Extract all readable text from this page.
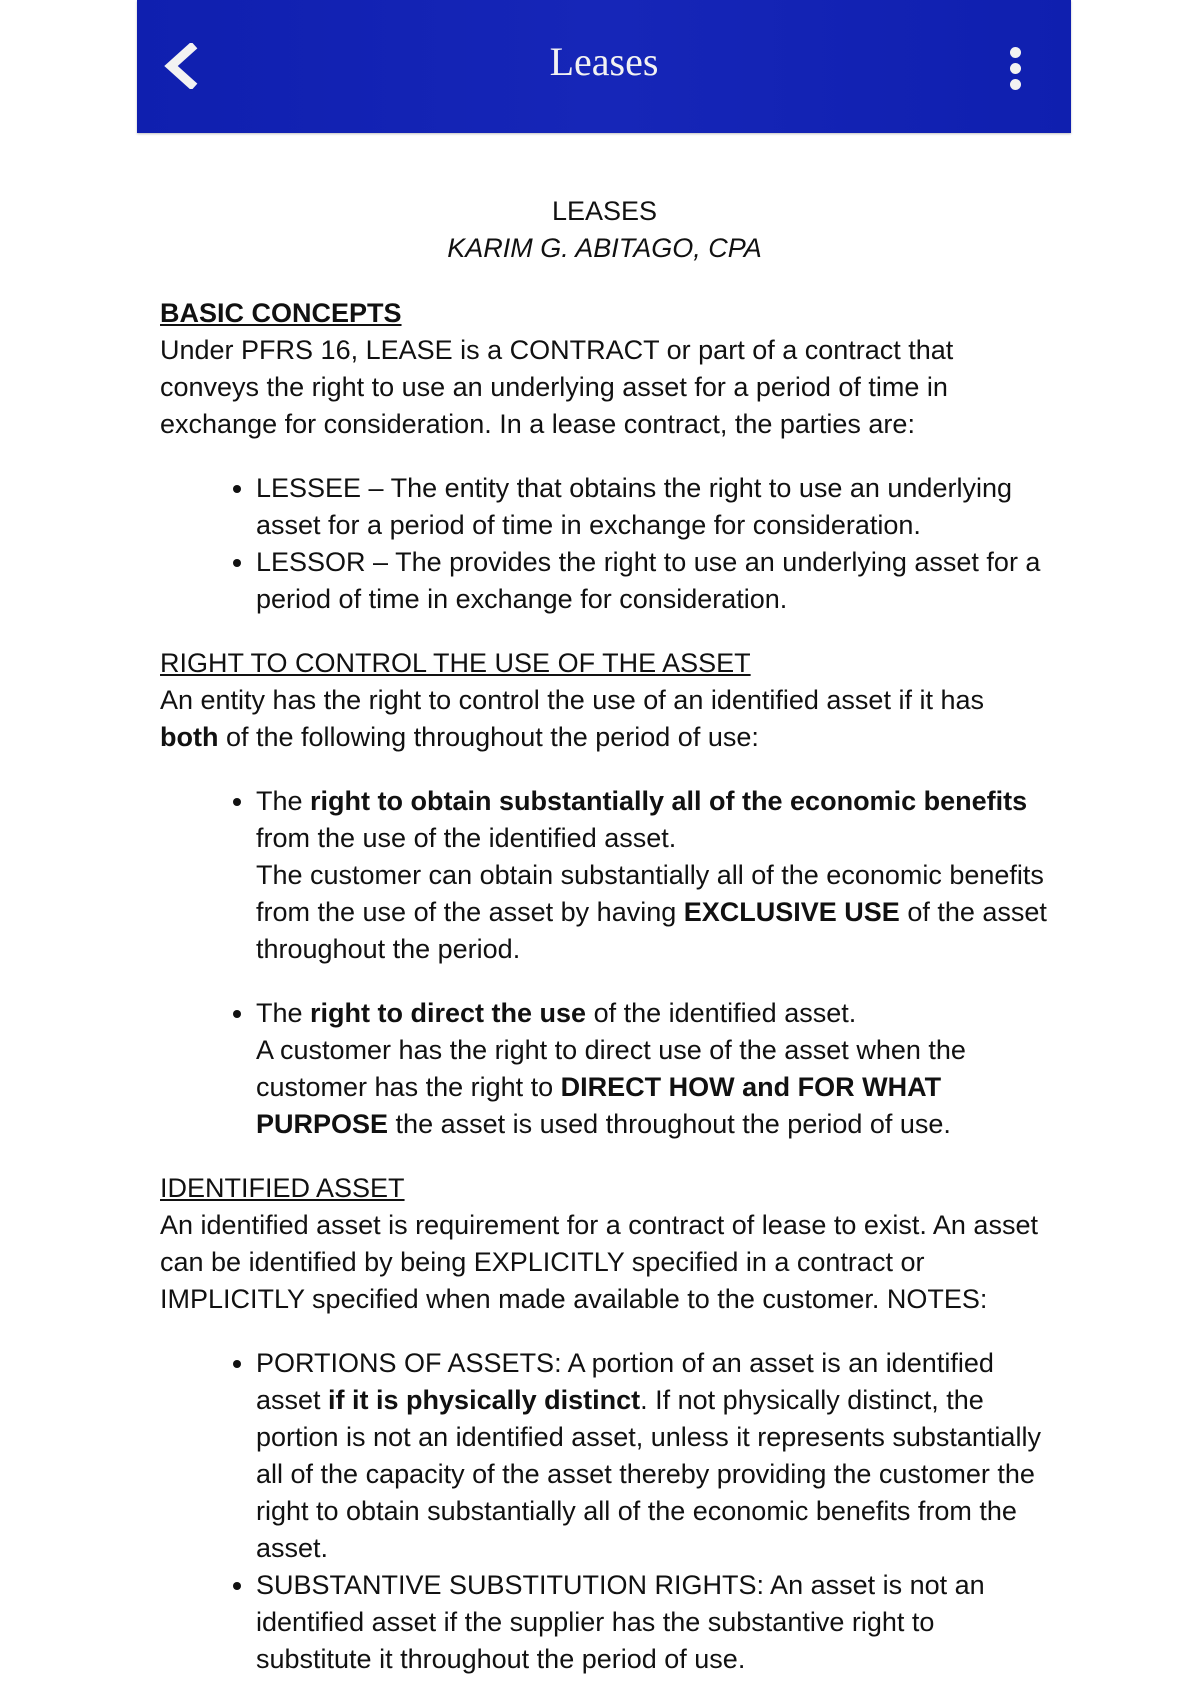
Leases

LEASES

KARIM G. ABITAGO, CPA

BASIC CONCEPTS

Under PFRS 16, LEASE is a CONTRACT or part of a contract that conveys the right to use an underlying asset for a period of time in exchange for consideration. In a lease contract, the parties are:

• LESSEE – The entity that obtains the right to use an underlying asset for a period of time in exchange for consideration.
• LESSOR – The provides the right to use an underlying asset for a period of time in exchange for consideration.

RIGHT TO CONTROL THE USE OF THE ASSET

An entity has the right to control the use of an identified asset if it has both of the following throughout the period of use:

• The right to obtain substantially all of the economic benefits from the use of the identified asset.
The customer can obtain substantially all of the economic benefits from the use of the asset by having EXCLUSIVE USE of the asset throughout the period.
• The right to direct the use of the identified asset.
A customer has the right to direct use of the asset when the customer has the right to DIRECT HOW and FOR WHAT PURPOSE the asset is used throughout the period of use.

IDENTIFIED ASSET

An identified asset is requirement for a contract of lease to exist. An asset can be identified by being EXPLICITLY specified in a contract or IMPLICITLY specified when made available to the customer. NOTES:

• PORTIONS OF ASSETS: A portion of an asset is an identified asset if it is physically distinct. If not physically distinct, the portion is not an identified asset, unless it represents substantially all of the capacity of the asset thereby providing the customer the right to obtain substantially all of the economic benefits from the asset.
• SUBSTANTIVE SUBSTITUTION RIGHTS: An asset is not an identified asset if the supplier has the substantive right to substitute it throughout the period of use.
